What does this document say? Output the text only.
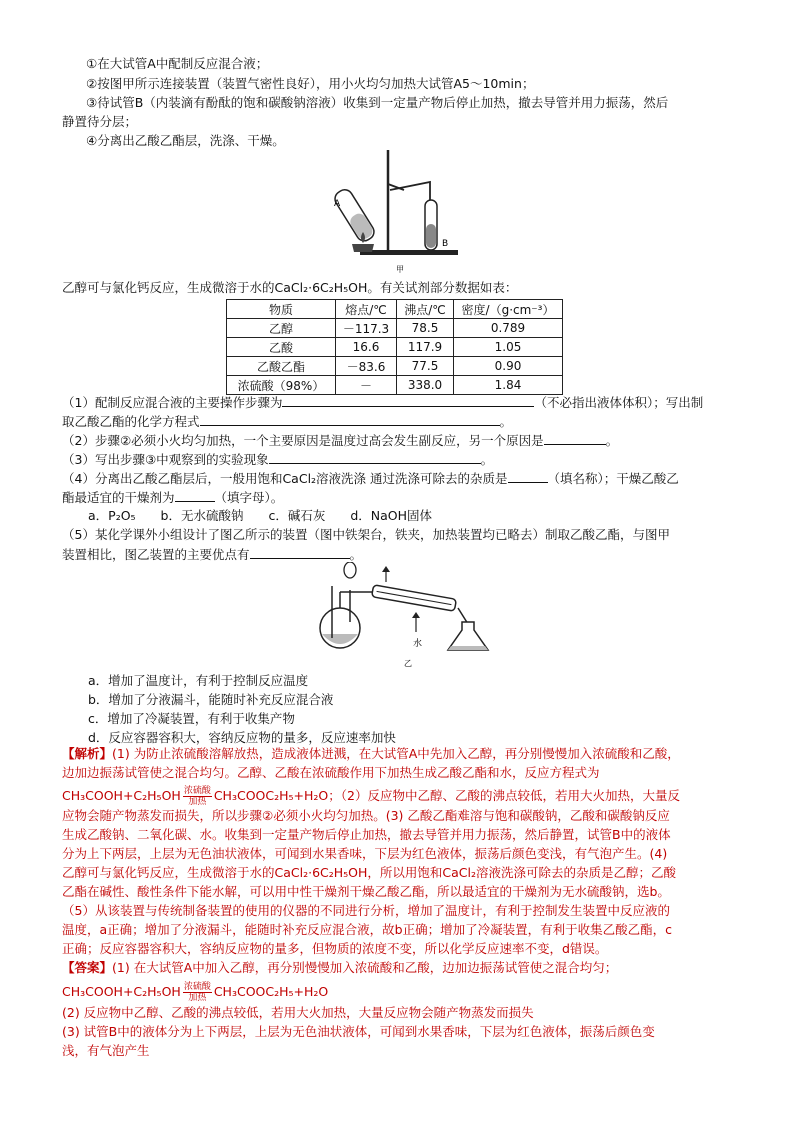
①在大试管A中配制反应混合液；
②按图甲所示连接装置（装置气密性良好），用小火均匀加热大试管A5～10min；
③待试管B（内装滴有酚酞的饱和碳酸钠溶液）收集到一定量产物后停止加热，撤去导管并用力振荡，然后
静置待分层；
④分离出乙酸乙酯层，洗涤、干燥。
A
B
甲
乙醇可与氯化钙反应，生成微溶于水的CaCl₂·6C₂H₅OH。有关试剂部分数据如表：
物质	熔点/℃	沸点/℃	密度/（g·cm⁻³）
乙醇	－117.3	78.5	0.789
乙酸	16.6	117.9	1.05
乙酸乙酯	－83.6	77.5	0.90
浓硫酸（98%）	－	338.0	1.84
（1）配制反应混合液的主要操作步骤为	（不必指出液体体积）；写出制
取乙酸乙酯的化学方程式	。
（2）步骤②必须小火均匀加热，一个主要原因是温度过高会发生副反应，另一个原因是	。
（3）写出步骤③中观察到的实验现象	。
（4）分离出乙酸乙酯层后，一般用饱和CaCl₂溶液洗涤 通过洗涤可除去的杂质是	（填名称）；干燥乙酸乙
酯最适宜的干燥剂为	（填字母）。
a．P₂O₅　　b．无水硫酸钠　　c．碱石灰　　d．NaOH固体
（5）某化学课外小组设计了图乙所示的装置（图中铁架台，铁夹，加热装置均已略去）制取乙酸乙酯，与图甲
装置相比，图乙装置的主要优点有	。
水
乙
a．增加了温度计，有利于控制反应温度
b．增加了分液漏斗，能随时补充反应混合液
c．增加了冷凝装置，有利于收集产物
d．反应容器容积大，容纳反应物的量多，反应速率加快
【解析】(1) 为防止浓硫酸溶解放热，造成液体迸溅，在大试管A中先加入乙醇，再分别慢慢加入浓硫酸和乙酸，
边加边振荡试管使之混合均匀。乙醇、乙酸在浓硫酸作用下加热生成乙酸乙酯和水，反应方程式为
CH₃COOH+C₂H₅OH $\frac{\text{浓硫酸}}{\text{加热}}$ CH₃COOC₂H₅+H₂O；（2）反应物中乙醇、乙酸的沸点较低，若用大火加热，大量反
应物会随产物蒸发而损失，所以步骤②必须小火均匀加热。(3) 乙酸乙酯难溶与饱和碳酸钠，乙酸和碳酸钠反应
生成乙酸钠、二氧化碳、水。收集到一定量产物后停止加热，撤去导管并用力振荡，然后静置，试管B中的液体
分为上下两层，上层为无色油状液体，可闻到水果香味，下层为红色液体，振荡后颜色变浅，有气泡产生。(4)
乙醇可与氯化钙反应，生成微溶于水的CaCl₂·6C₂H₅OH，所以用饱和CaCl₂溶液洗涤可除去的杂质是乙醇；乙酸
乙酯在碱性、酸性条件下能水解，可以用中性干燥剂干燥乙酸乙酯，所以最适宜的干燥剂为无水硫酸钠，选b。
（5）从该装置与传统制备装置的使用的仪器的不同进行分析，增加了温度计，有利于控制发生装置中反应液的
温度，a正确；增加了分液漏斗，能随时补充反应混合液，故b正确；增加了冷凝装置，有利于收集乙酸乙酯，c
正确；反应容器容积大，容纳反应物的量多，但物质的浓度不变，所以化学反应速率不变，d错误。
【答案】(1) 在大试管A中加入乙醇，再分别慢慢加入浓硫酸和乙酸，边加边振荡试管使之混合均匀；
CH₃COOH+C₂H₅OH $\frac{\text{浓硫酸}}{\text{加热}}$ CH₃COOC₂H₅+H₂O
(2) 反应物中乙醇、乙酸的沸点较低，若用大火加热，大量反应物会随产物蒸发而损失
(3) 试管B中的液体分为上下两层，上层为无色油状液体，可闻到水果香味，下层为红色液体，振荡后颜色变
浅，有气泡产生
